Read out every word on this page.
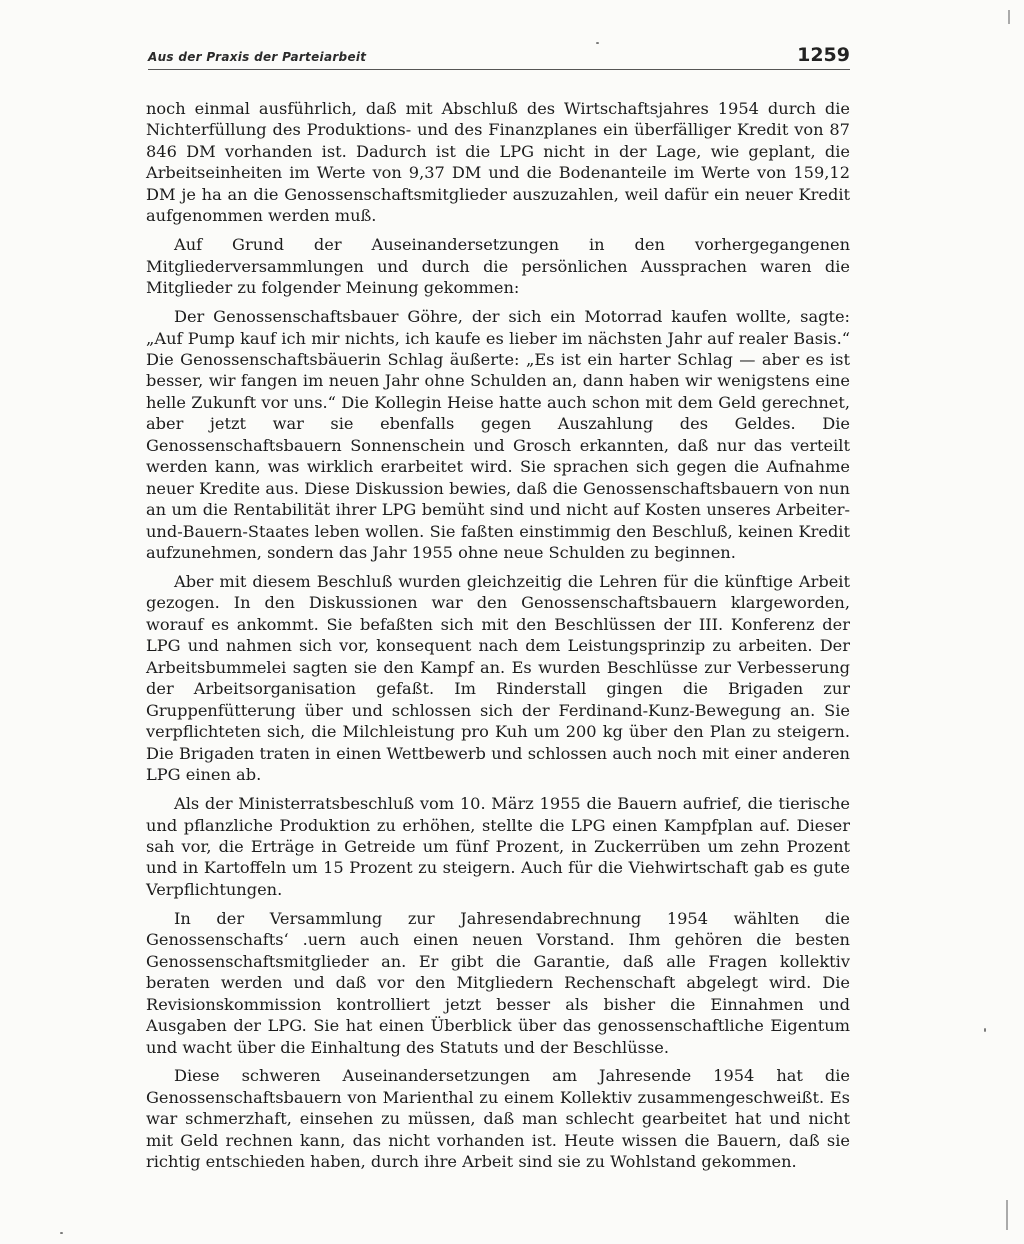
Aus der Praxis der Parteiarbeit	1259

noch einmal ausführlich, daß mit Abschluß des Wirtschaftsjahres 1954 durch die Nichterfüllung des Produktions- und des Finanzplanes ein überfälliger Kredit von 87 846 DM vorhanden ist. Dadurch ist die LPG nicht in der Lage, wie geplant, die Arbeitseinheiten im Werte von 9,37 DM und die Bodenanteile im Werte von 159,12 DM je ha an die Genossenschaftsmitglieder auszuzahlen, weil dafür ein neuer Kredit aufgenommen werden muß.

Auf Grund der Auseinandersetzungen in den vorhergegangenen Mitgliederversammlungen und durch die persönlichen Aussprachen waren die Mitglieder zu folgender Meinung gekommen:

Der Genossenschaftsbauer Göhre, der sich ein Motorrad kaufen wollte, sagte: „Auf Pump kauf ich mir nichts, ich kaufe es lieber im nächsten Jahr auf realer Basis.“ Die Genossenschaftsbäuerin Schlag äußerte: „Es ist ein harter Schlag — aber es ist besser, wir fangen im neuen Jahr ohne Schulden an, dann haben wir wenigstens eine helle Zukunft vor uns.“ Die Kollegin Heise hatte auch schon mit dem Geld gerechnet, aber jetzt war sie ebenfalls gegen Auszahlung des Geldes. Die Genossenschaftsbauern Sonnenschein und Grosch erkannten, daß nur das verteilt werden kann, was wirklich erarbeitet wird. Sie sprachen sich gegen die Aufnahme neuer Kredite aus. Diese Diskussion bewies, daß die Genossenschaftsbauern von nun an um die Rentabilität ihrer LPG bemüht sind und nicht auf Kosten unseres Arbeiter-und-Bauern-Staates leben wollen. Sie faßten einstimmig den Beschluß, keinen Kredit aufzunehmen, sondern das Jahr 1955 ohne neue Schulden zu beginnen.

Aber mit diesem Beschluß wurden gleichzeitig die Lehren für die künftige Arbeit gezogen. In den Diskussionen war den Genossenschaftsbauern klargeworden, worauf es ankommt. Sie befaßten sich mit den Beschlüssen der III. Konferenz der LPG und nahmen sich vor, konsequent nach dem Leistungsprinzip zu arbeiten. Der Arbeitsbummelei sagten sie den Kampf an. Es wurden Beschlüsse zur Verbesserung der Arbeitsorganisation gefaßt. Im Rinderstall gingen die Brigaden zur Gruppenfütterung über und schlossen sich der Ferdinand-Kunz-Bewegung an. Sie verpflichteten sich, die Milchleistung pro Kuh um 200 kg über den Plan zu steigern. Die Brigaden traten in einen Wettbewerb und schlossen auch noch mit einer anderen LPG einen ab.

Als der Ministerratsbeschluß vom 10. März 1955 die Bauern aufrief, die tierische und pflanzliche Produktion zu erhöhen, stellte die LPG einen Kampfplan auf. Dieser sah vor, die Erträge in Getreide um fünf Prozent, in Zuckerrüben um zehn Prozent und in Kartoffeln um 15 Prozent zu steigern. Auch für die Viehwirtschaft gab es gute Verpflichtungen.

In der Versammlung zur Jahresendabrechnung 1954 wählten die Genossenschafts‘ .uern auch einen neuen Vorstand. Ihm gehören die besten Genossenschaftsmitglieder an. Er gibt die Garantie, daß alle Fragen kollektiv beraten werden und daß vor den Mitgliedern Rechenschaft abgelegt wird. Die Revisionskommission kontrolliert jetzt besser als bisher die Einnahmen und Ausgaben der LPG. Sie hat einen Überblick über das genossenschaftliche Eigentum und wacht über die Einhaltung des Statuts und der Beschlüsse.

Diese schweren Auseinandersetzungen am Jahresende 1954 hat die Genossenschaftsbauern von Marienthal zu einem Kollektiv zusammengeschweißt. Es war schmerzhaft, einsehen zu müssen, daß man schlecht gearbeitet hat und nicht mit Geld rechnen kann, das nicht vorhanden ist. Heute wissen die Bauern, daß sie richtig entschieden haben, durch ihre Arbeit sind sie zu Wohlstand gekommen.
